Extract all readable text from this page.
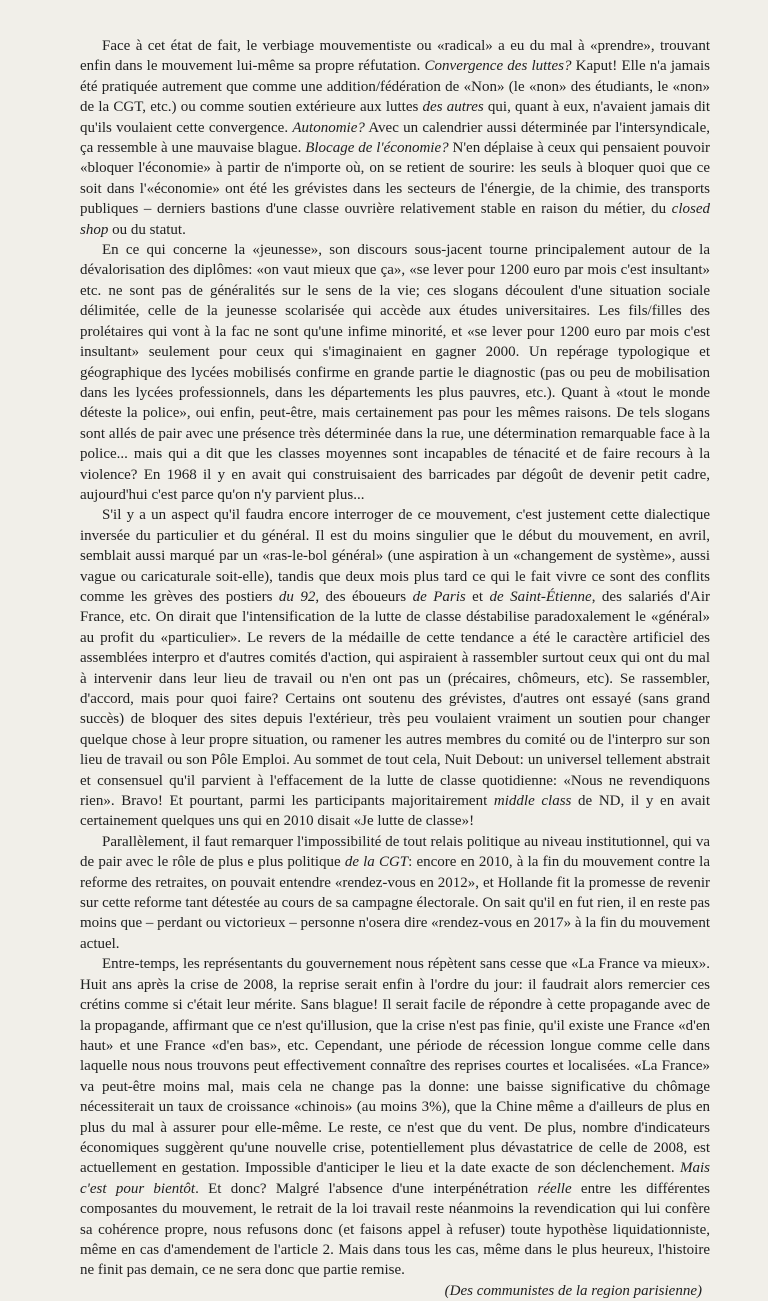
Face à cet état de fait, le verbiage mouvementiste ou «radical» a eu du mal à «prendre», trouvant enfin dans le mouvement lui-même sa propre réfutation. Convergence des luttes? Kaput! Elle n'a jamais été pratiquée autrement que comme une addition/fédération de «Non» (le «non» des étudiants, le «non» de la CGT, etc.) ou comme soutien extérieure aux luttes des autres qui, quant à eux, n'avaient jamais dit qu'ils voulaient cette convergence. Autonomie? Avec un calendrier aussi déterminée par l'intersyndicale, ça ressemble à une mauvaise blague. Blocage de l'économie? N'en déplaise à ceux qui pensaient pouvoir «bloquer l'économie» à partir de n'importe où, on se retient de sourire: les seuls à bloquer quoi que ce soit dans l'«économie» ont été les grévistes dans les secteurs de l'énergie, de la chimie, des transports publiques – derniers bastions d'une classe ouvrière relativement stable en raison du métier, du closed shop ou du statut.

En ce qui concerne la «jeunesse», son discours sous-jacent tourne principalement autour de la dévalorisation des diplômes: «on vaut mieux que ça», «se lever pour 1200 euro par mois c'est insultant» etc. ne sont pas de généralités sur le sens de la vie; ces slogans découlent d'une situation sociale délimitée, celle de la jeunesse scolarisée qui accède aux études universitaires. Les fils/filles des prolétaires qui vont à la fac ne sont qu'une infime minorité, et «se lever pour 1200 euro par mois c'est insultant» seulement pour ceux qui s'imaginaient en gagner 2000. Un repérage typologique et géographique des lycées mobilisés confirme en grande partie le diagnostic (pas ou peu de mobilisation dans les lycées professionnels, dans les départements les plus pauvres, etc.). Quant à «tout le monde déteste la police», oui enfin, peut-être, mais certainement pas pour les mêmes raisons. De tels slogans sont allés de pair avec une présence très déterminée dans la rue, une détermination remarquable face à la police... mais qui a dit que les classes moyennes sont incapables de ténacité et de faire recours à la violence? En 1968 il y en avait qui construisaient des barricades par dégoût de devenir petit cadre, aujourd'hui c'est parce qu'on n'y parvient plus...

S'il y a un aspect qu'il faudra encore interroger de ce mouvement, c'est justement cette dialectique inversée du particulier et du général. Il est du moins singulier que le début du mouvement, en avril, semblait aussi marqué par un «ras-le-bol général» (une aspiration à un «changement de système», aussi vague ou caricaturale soit-elle), tandis que deux mois plus tard ce qui le fait vivre ce sont des conflits comme les grèves des postiers du 92, des éboueurs de Paris et de Saint-Étienne, des salariés d'Air France, etc. On dirait que l'intensification de la lutte de classe déstabilise paradoxalement le «général» au profit du «particulier». Le revers de la médaille de cette tendance a été le caractère artificiel des assemblées interpro et d'autres comités d'action, qui aspiraient à rassembler surtout ceux qui ont du mal à intervenir dans leur lieu de travail ou n'en ont pas un (précaires, chômeurs, etc). Se rassembler, d'accord, mais pour quoi faire? Certains ont soutenu des grévistes, d'autres ont essayé (sans grand succès) de bloquer des sites depuis l'extérieur, très peu voulaient vraiment un soutien pour changer quelque chose à leur propre situation, ou ramener les autres membres du comité ou de l'interpro sur son lieu de travail ou son Pôle Emploi. Au sommet de tout cela, Nuit Debout: un universel tellement abstrait et consensuel qu'il parvient à l'effacement de la lutte de classe quotidienne: «Nous ne revendiquons rien». Bravo! Et pourtant, parmi les participants majoritairement middle class de ND, il y en avait certainement quelques uns qui en 2010 disait «Je lutte de classe»!

Parallèlement, il faut remarquer l'impossibilité de tout relais politique au niveau institutionnel, qui va de pair avec le rôle de plus e plus politique de la CGT: encore en 2010, à la fin du mouvement contre la reforme des retraites, on pouvait entendre «rendez-vous en 2012», et Hollande fit la promesse de revenir sur cette reforme tant détestée au cours de sa campagne électorale. On sait qu'il en fut rien, il en reste pas moins que – perdant ou victorieux – personne n'osera dire «rendez-vous en 2017» à la fin du mouvement actuel.

Entre-temps, les représentants du gouvernement nous répètent sans cesse que «La France va mieux». Huit ans après la crise de 2008, la reprise serait enfin à l'ordre du jour: il faudrait alors remercier ces crétins comme si c'était leur mérite. Sans blague! Il serait facile de répondre à cette propagande avec de la propagande, affirmant que ce n'est qu'illusion, que la crise n'est pas finie, qu'il existe une France «d'en haut» et une France «d'en bas», etc. Cependant, une période de récession longue comme celle dans laquelle nous nous trouvons peut effectivement connaître des reprises courtes et localisées. «La France» va peut-être moins mal, mais cela ne change pas la donne: une baisse significative du chômage nécessiterait un taux de croissance «chinois» (au moins 3%), que la Chine même a d'ailleurs de plus en plus du mal à assurer pour elle-même. Le reste, ce n'est que du vent. De plus, nombre d'indicateurs économiques suggèrent qu'une nouvelle crise, potentiellement plus dévastatrice de celle de 2008, est actuellement en gestation. Impossible d'anticiper le lieu et la date exacte de son déclenchement. Mais c'est pour bientôt. Et donc? Malgré l'absence d'une interpénétration réelle entre les différentes composantes du mouvement, le retrait de la loi travail reste néanmoins la revendication qui lui confère sa cohérence propre, nous refusons donc (et faisons appel à refuser) toute hypothèse liquidationniste, même en cas d'amendement de l'article 2. Mais dans tous les cas, même dans le plus heureux, l'histoire ne finit pas demain, ce ne sera donc que partie remise.

(Des communistes de la region parisienne)
